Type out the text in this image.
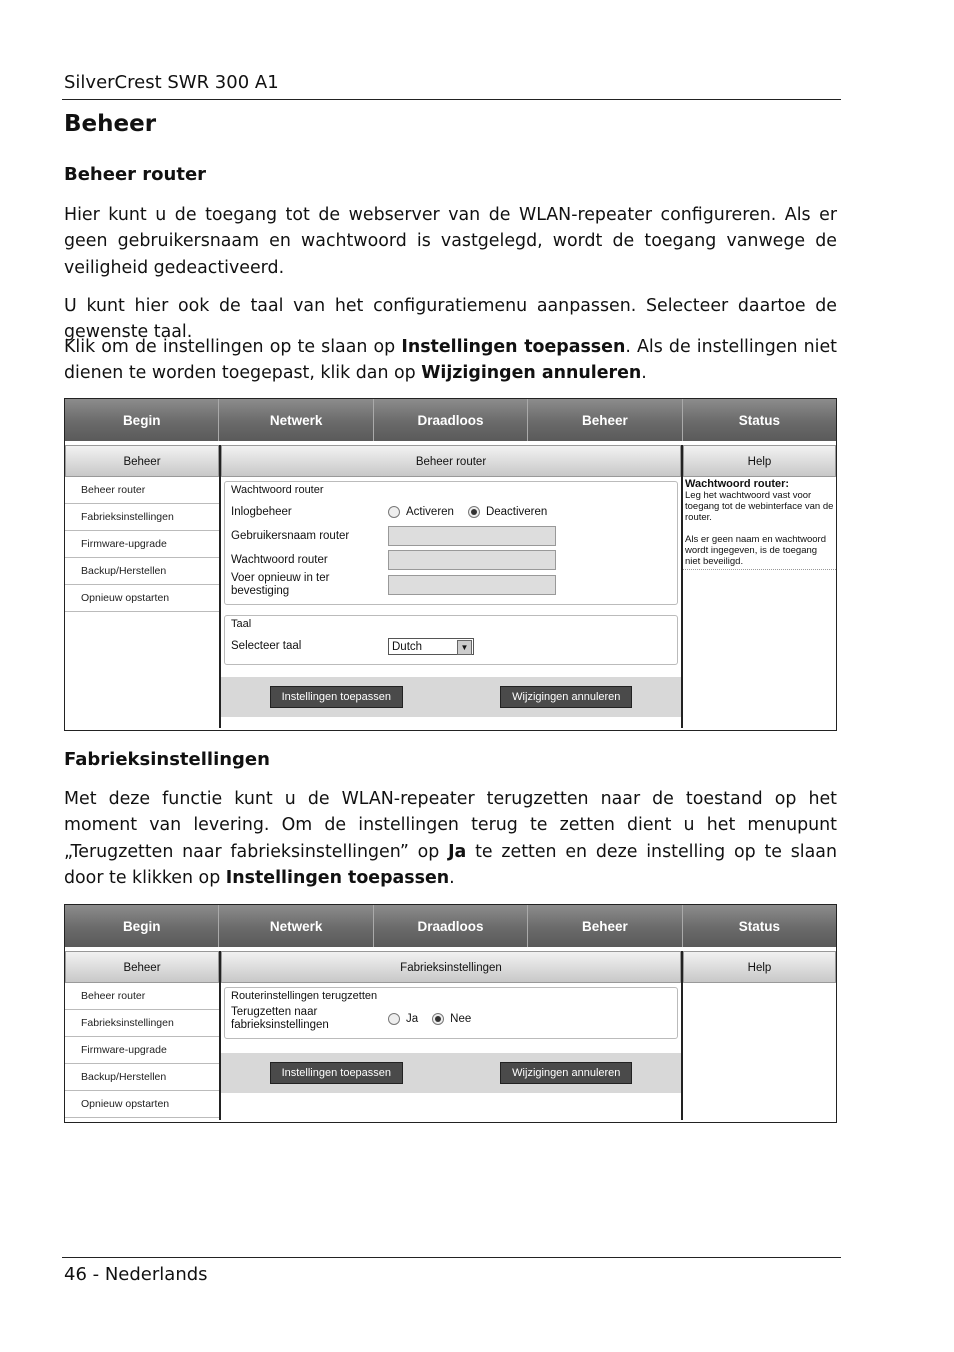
SilverCrest SWR 300 A1
Beheer
Beheer router

Hier kunt u de toegang tot de webserver van de WLAN-repeater configureren. Als er geen gebruikersnaam en wachtwoord is vastgelegd, wordt de toegang vanwege de veiligheid gedeactiveerd.

U kunt hier ook de taal van het configuratiemenu aanpassen. Selecteer daartoe de gewenste taal.

Klik om de instellingen op te slaan op Instellingen toepassen. Als de instellingen niet dienen te worden toegepast, klik dan op Wijzigingen annuleren.

Begin	Netwerk	Draadloos	Beheer	Status
Beheer
Beheer router
Fabrieksinstellingen
Firmware-upgrade
Backup/Herstellen
Opnieuw opstarten
Beheer router
Wachtwoord router
Inlogbeheer	Activeren	Deactiveren
Gebruikersnaam router
Wachtwoord router
Voer opnieuw in ter bevestiging
Taal
Selecteer taal	Dutch	▼
Instellingen toepassen	Wijzigingen annuleren
Help
Wachtwoord router:
Leg het wachtwoord vast voor toegang tot de webinterface van de router.
Als er geen naam en wachtwoord wordt ingegeven, is de toegang niet beveiligd.
Fabrieksinstellingen

Met deze functie kunt u de WLAN-repeater terugzetten naar de toestand op het moment van levering. Om de instellingen terug te zetten dient u het menupunt „Terugzetten naar fabrieksinstellingen” op Ja te zetten en deze instelling op te slaan door te klikken op Instellingen toepassen.

Begin	Netwerk	Draadloos	Beheer	Status
Beheer
Beheer router
Fabrieksinstellingen
Firmware-upgrade
Backup/Herstellen
Opnieuw opstarten
Fabrieksinstellingen
Routerinstellingen terugzetten
Terugzetten naar fabrieksinstellingen	Ja	Nee
Instellingen toepassen	Wijzigingen annuleren
Help
46 - Nederlands
